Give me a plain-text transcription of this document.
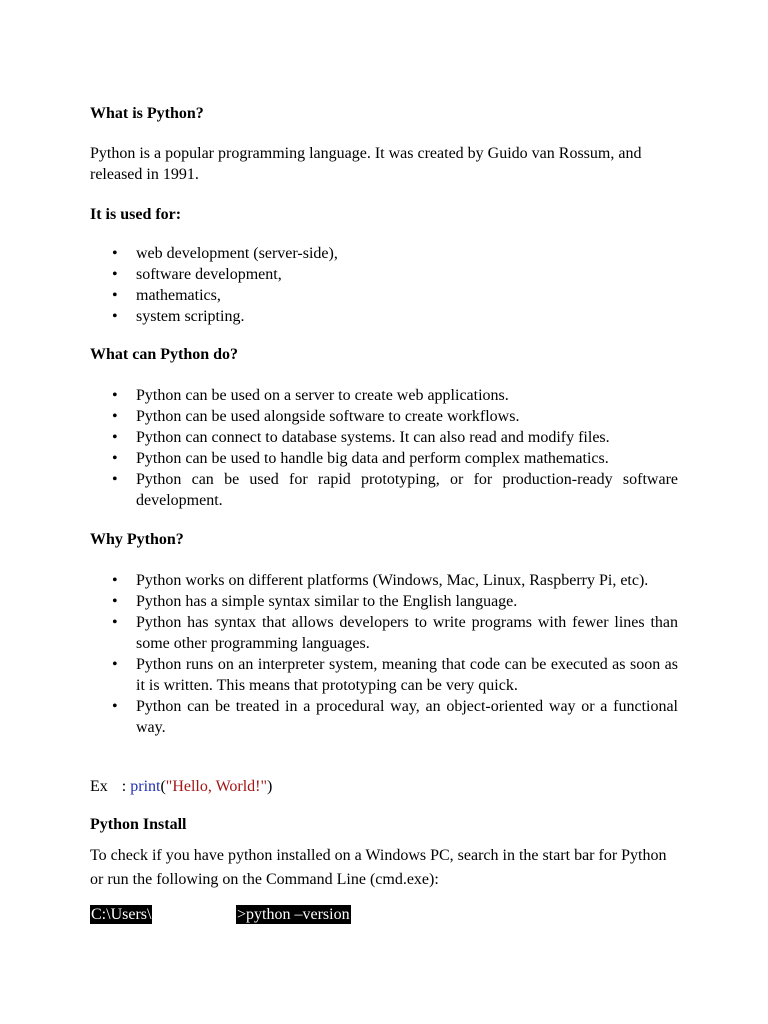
What is Python?

Python is a popular programming language. It was created by Guido van Rossum, and released in 1991.

It is used for:

• web development (server-side),
• software development,
• mathematics,
• system scripting.

What can Python do?

• Python can be used on a server to create web applications.
• Python can be used alongside software to create workflows.
• Python can connect to database systems. It can also read and modify files.
• Python can be used to handle big data and perform complex mathematics.
• Python can be used for rapid prototyping, or for production-ready software development.

Why Python?

• Python works on different platforms (Windows, Mac, Linux, Raspberry Pi, etc).
• Python has a simple syntax similar to the English language.
• Python has syntax that allows developers to write programs with fewer lines than some other programming languages.
• Python runs on an interpreter system, meaning that code can be executed as soon as it is written. This means that prototyping can be very quick.
• Python can be treated in a procedural way, an object-oriented way or a functional way.

Ex : print("Hello, World!")

Python Install

To check if you have python installed on a Windows PC, search in the start bar for Python or run the following on the Command Line (cmd.exe):

C:\Users\	>python –version
